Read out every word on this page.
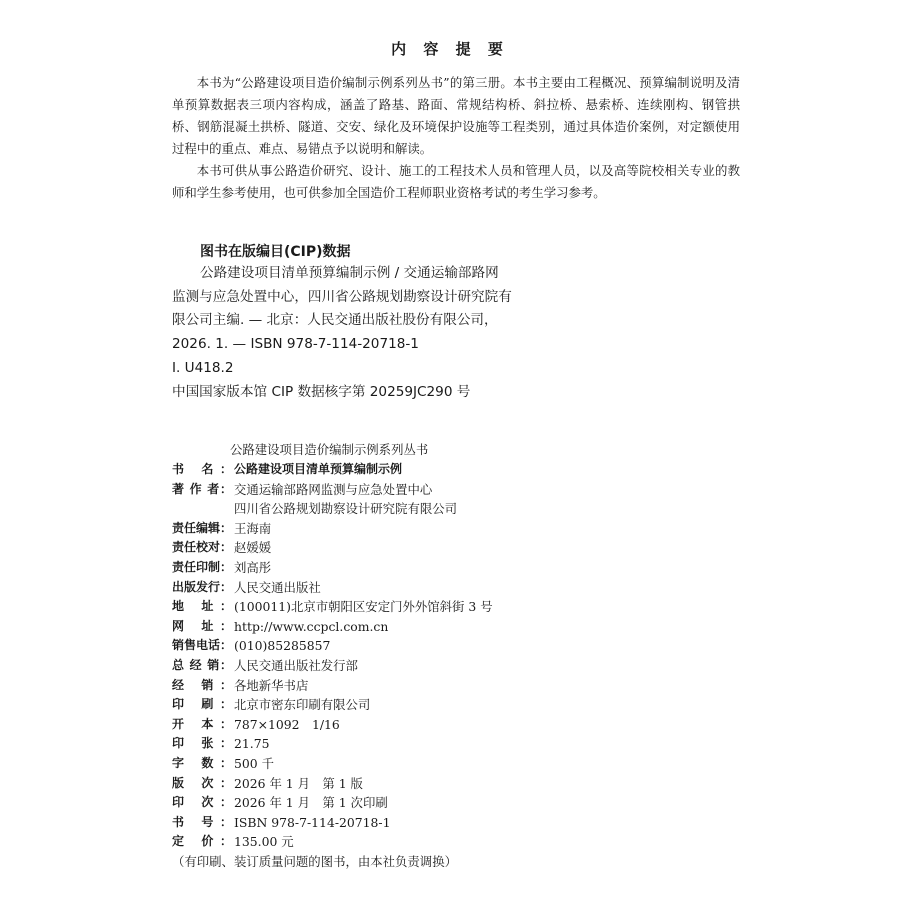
内 容 提 要

本书为“公路建设项目造价编制示例系列丛书”的第三册。本书主要由工程概况、预算编制说明及清单预算数据表三项内容构成，涵盖了路基、路面、常规结构桥、斜拉桥、悬索桥、连续刚构、钢管拱桥、钢筋混凝土拱桥、隧道、交安、绿化及环境保护设施等工程类别，通过具体造价案例，对定额使用过程中的重点、难点、易错点予以说明和解读。

本书可供从事公路造价研究、设计、施工的工程技术人员和管理人员，以及高等院校相关专业的教师和学生参考使用，也可供参加全国造价工程师职业资格考试的考生学习参考。

图书在版编目(CIP)数据
公路建设项目清单预算编制示例 / 交通运输部路网
监测与应急处置中心，四川省公路规划勘察设计研究院有
限公司主编. — 北京：人民交通出版社股份有限公司，
2026. 1. — ISBN 978-7-114-20718-1
Ⅰ. U418.2
中国国家版本馆 CIP 数据核字第 20259JC290 号
公路建设项目造价编制示例系列丛书
书 名： 公路建设项目清单预算编制示例
著 作 者： 交通运输部路网监测与应急处置中心
四川省公路规划勘察设计研究院有限公司
责任编辑： 王海南
责任校对： 赵媛媛
责任印制： 刘高彤
出版发行： 人民交通出版社
地 址： (100011)北京市朝阳区安定门外外馆斜街 3 号
网 址： http://www.ccpcl.com.cn
销售电话： (010)85285857
总 经 销： 人民交通出版社发行部
经 销： 各地新华书店
印 刷： 北京市密东印刷有限公司
开 本： 787×1092　1/16
印 张： 21.75
字 数： 500 千
版 次： 2026 年 1 月　第 1 版
印 次： 2026 年 1 月　第 1 次印刷
书 号： ISBN 978-7-114-20718-1
定 价： 135.00 元
（有印刷、装订质量问题的图书，由本社负责调换）
